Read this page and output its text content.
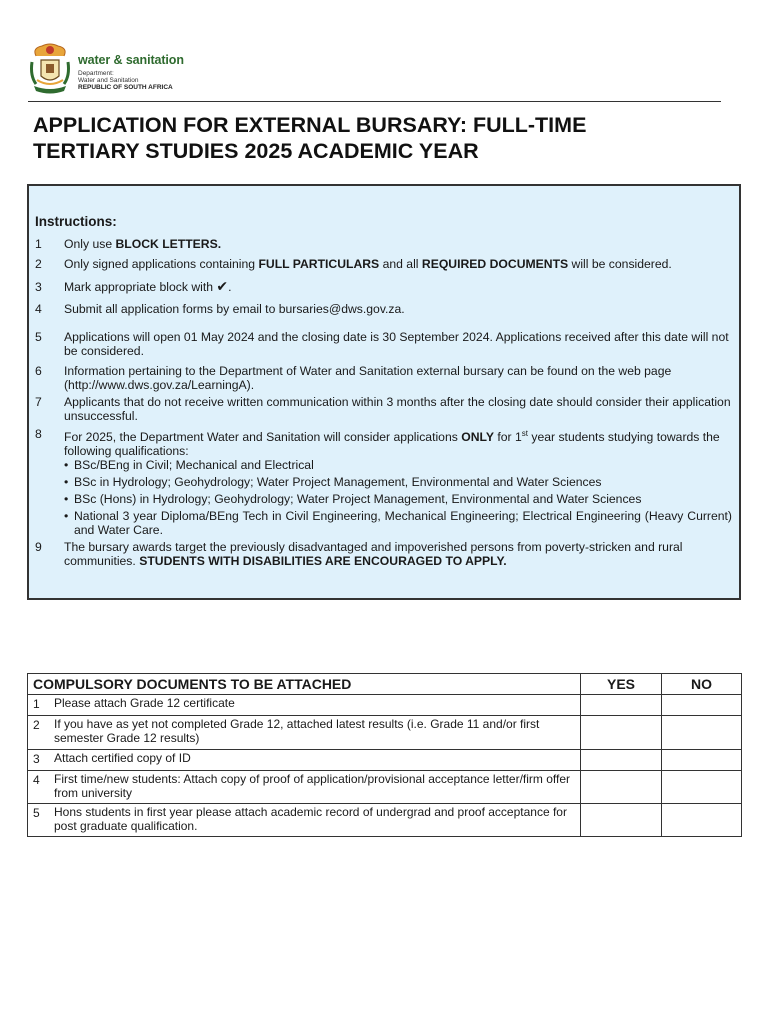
water & sanitation
Department:
Water and Sanitation
REPUBLIC OF SOUTH AFRICA
APPLICATION FOR EXTERNAL BURSARY: FULL-TIME
TERTIARY STUDIES 2025 ACADEMIC YEAR
Instructions:
1 Only use BLOCK LETTERS.
2 Only signed applications containing FULL PARTICULARS and all REQUIRED DOCUMENTS will be considered.
3 Mark appropriate block with ✔.
4 Submit all application forms by email to bursaries@dws.gov.za.
5 Applications will open 01 May 2024 and the closing date is 30 September 2024. Applications received after this date will not be considered.
6 Information pertaining to the Department of Water and Sanitation external bursary can be found on the web page (http://www.dws.gov.za/LearningA).
7 Applicants that do not receive written communication within 3 months after the closing date should consider their application unsuccessful.
8 For 2025, the Department Water and Sanitation will consider applications ONLY for 1st year students studying towards the following qualifications:
• BSc/BEng in Civil; Mechanical and Electrical
• BSc in Hydrology; Geohydrology; Water Project Management, Environmental and Water Sciences
• BSc (Hons) in Hydrology; Geohydrology; Water Project Management, Environmental and Water Sciences
• National 3 year Diploma/BEng Tech in Civil Engineering, Mechanical Engineering; Electrical Engineering (Heavy Current) and Water Care.
9 The bursary awards target the previously disadvantaged and impoverished persons from poverty-stricken and rural communities. STUDENTS WITH DISABILITIES ARE ENCOURAGED TO APPLY.
COMPULSORY DOCUMENTS TO BE ATTACHED	YES	NO

1 Please attach Grade 12 certificate		

2 If you have as yet not completed Grade 12, attached latest results (i.e. Grade 11 and/or first semester Grade 12 results)		

3 Attach certified copy of ID		

4 First time/new students: Attach copy of proof of application/provisional acceptance letter/firm offer from university		

5 Hons students in first year please attach academic record of undergrad and proof acceptance for post graduate qualification.		
